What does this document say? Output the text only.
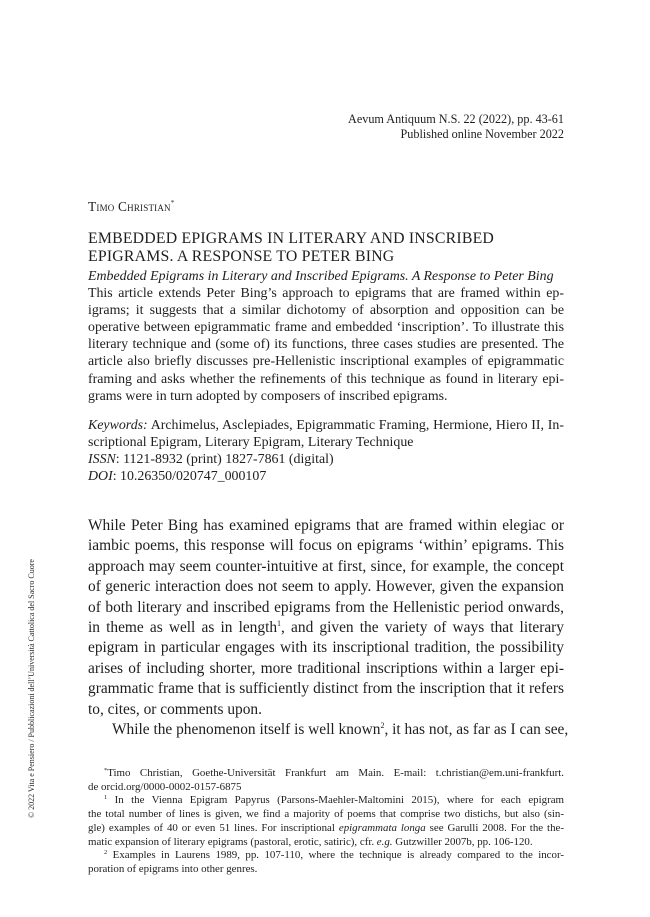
Aevum Antiquum N.S. 22 (2022), pp. 43-61
Published online November 2022
Timo Christian*
EMBEDDED EPIGRAMS IN LITERARY AND INSCRIBED
EPIGRAMS. A RESPONSE TO PETER BING
Embedded Epigrams in Literary and Inscribed Epigrams. A Response to Peter Bing
This article extends Peter Bing’s approach to epigrams that are framed within ep-
igrams; it suggests that a similar dichotomy of absorption and opposition can be
operative between epigrammatic frame and embedded ‘inscription’. To illustrate this
literary technique and (some of) its functions, three cases studies are presented. The
article also briefly discusses pre-Hellenistic inscriptional examples of epigrammatic
framing and asks whether the refinements of this technique as found in literary epi-
grams were in turn adopted by composers of inscribed epigrams.
Keywords: Archimelus, Asclepiades, Epigrammatic Framing, Hermione, Hiero II, In-
scriptional Epigram, Literary Epigram, Literary Technique
ISSN: 1121-8932 (print) 1827-7861 (digital)
DOI: 10.26350/020747_000107
While Peter Bing has examined epigrams that are framed within elegiac or
iambic poems, this response will focus on epigrams ‘within’ epigrams. This
approach may seem counter-intuitive at first, since, for example, the concept
of generic interaction does not seem to apply. However, given the expansion
of both literary and inscribed epigrams from the Hellenistic period onwards,
in theme as well as in length$^1$, and given the variety of ways that literary
epigram in particular engages with its inscriptional tradition, the possibility
arises of including shorter, more traditional inscriptions within a larger epi-
grammatic frame that is sufficiently distinct from the inscription that it refers
to, cites, or comments upon.
While the phenomenon itself is well known$^2$, it has not, as far as I can see,
*Timo Christian, Goethe-Universität Frankfurt am Main. E-mail: t.christian@em.uni-frankfurt.
de orcid.org/0000-0002-0157-6875
$^1$ In the Vienna Epigram Papyrus (Parsons-Maehler-Maltomini 2015), where for each epigram
the total number of lines is given, we find a majority of poems that comprise two distichs, but also (sin-
gle) examples of 40 or even 51 lines. For inscriptional epigrammata longa see Garulli 2008. For the the-
matic expansion of literary epigrams (pastoral, erotic, satiric), cfr. e.g. Gutzwiller 2007b, pp. 106-120.
$^2$ Examples in Laurens 1989, pp. 107-110, where the technique is already compared to the incor-
poration of epigrams into other genres.
© 2022 Vita e Pensiero / Pubblicazioni dell’Università Cattolica del Sacro Cuore
